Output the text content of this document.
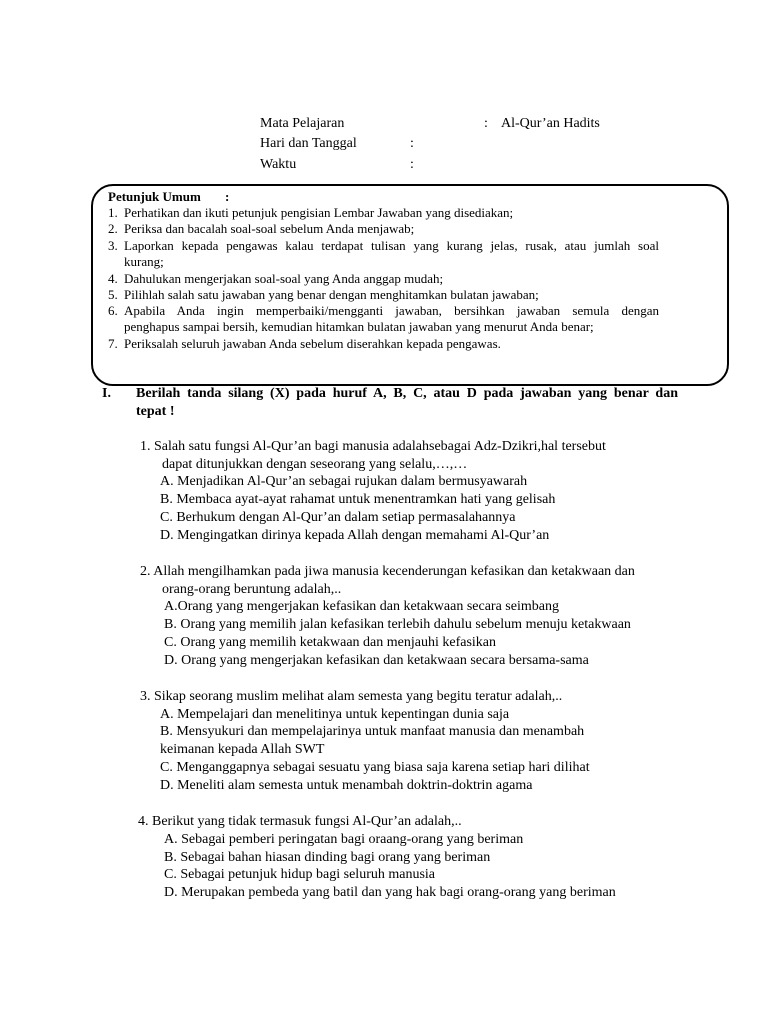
Mata Pelajaran	: Al-Qur’an Hadits
Hari dan Tanggal	:
Waktu	:
Petunjuk Umum :
1. Perhatikan dan ikuti petunjuk pengisian Lembar Jawaban yang disediakan;
2. Periksa dan bacalah soal-soal sebelum Anda menjawab;
3. Laporkan kepada pengawas kalau terdapat tulisan yang kurang jelas, rusak, atau jumlah soal
kurang;
4. Dahulukan mengerjakan soal-soal yang Anda anggap mudah;
5. Pilihlah salah satu jawaban yang benar dengan menghitamkan bulatan jawaban;
6. Apabila Anda ingin memperbaiki/mengganti jawaban, bersihkan jawaban semula dengan
penghapus sampai bersih, kemudian hitamkan bulatan jawaban yang menurut Anda benar;
7. Periksalah seluruh jawaban Anda sebelum diserahkan kepada pengawas.
I. Berilah tanda silang (X) pada huruf A, B, C, atau D pada jawaban yang benar dan
tepat !
1. Salah satu fungsi Al-Qur’an bagi manusia adalahsebagai Adz-Dzikri,hal tersebut
dapat ditunjukkan dengan seseorang yang selalu,…,…
A. Menjadikan Al-Qur’an sebagai rujukan dalam bermusyawarah
B. Membaca ayat-ayat rahamat untuk menentramkan hati yang gelisah
C. Berhukum dengan Al-Qur’an dalam setiap permasalahannya
D. Mengingatkan dirinya kepada Allah dengan memahami Al-Qur’an
2. Allah mengilhamkan pada jiwa manusia kecenderungan kefasikan dan ketakwaan dan
orang-orang beruntung adalah,..
A.Orang yang mengerjakan kefasikan dan ketakwaan secara seimbang
B. Orang yang memilih jalan kefasikan terlebih dahulu sebelum menuju ketakwaan
C. Orang yang memilih ketakwaan dan menjauhi kefasikan
D. Orang yang mengerjakan kefasikan dan ketakwaan secara bersama-sama
3. Sikap seorang muslim melihat alam semesta yang begitu teratur adalah,..
A. Mempelajari dan menelitinya untuk kepentingan dunia saja
B. Mensyukuri dan mempelajarinya untuk manfaat manusia dan menambah
keimanan kepada Allah SWT
C. Menganggapnya sebagai sesuatu yang biasa saja karena setiap hari dilihat
D. Meneliti alam semesta untuk menambah doktrin-doktrin agama
4. Berikut yang tidak termasuk fungsi Al-Qur’an adalah,..
A. Sebagai pemberi peringatan bagi oraang-orang yang beriman
B. Sebagai bahan hiasan dinding bagi orang yang beriman
C. Sebagai petunjuk hidup bagi seluruh manusia
D. Merupakan pembeda yang batil dan yang hak bagi orang-orang yang beriman
